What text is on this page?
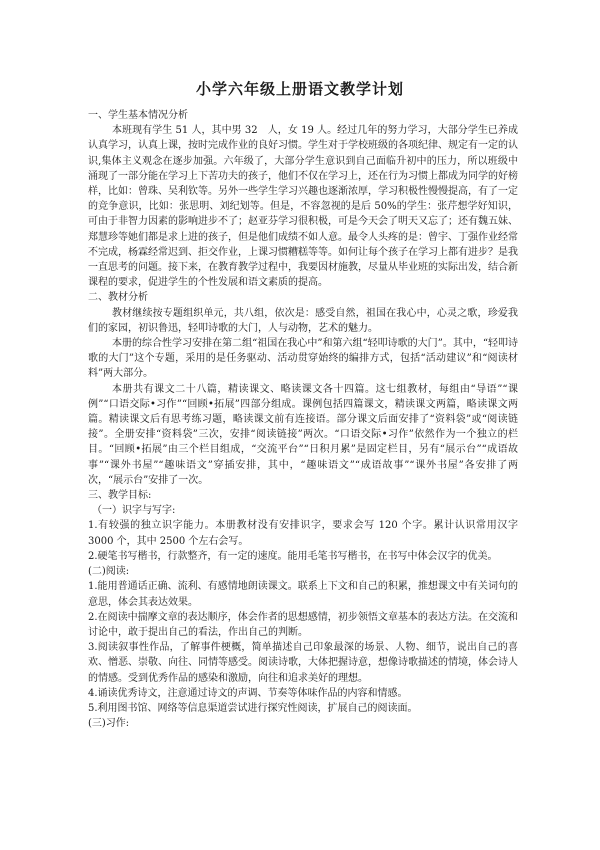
小学六年级上册语文教学计划

一、学生基本情况分析

本班现有学生 51 人，其中男 32　人，女 19 人。经过几年的努力学习，大部分学生已养成认真学习，认真上课，按时完成作业的良好习惯。学生对于学校班级的各项纪律、规定有一定的认识,集体主义观念在逐步加强。六年级了，大部分学生意识到自己面临升初中的压力，所以班级中涌现了一部分能在学习上下苦功夫的孩子，他们不仅在学习上，还在行为习惯上都成为同学的好榜样，比如：曾珠、吴利钦等。另外一些学生学习兴趣也逐渐浓厚，学习积极性慢慢提高，有了一定的竞争意识，比如：张思明、刘纪划等。但是，不容忽视的是后 50%的学生：张芹想学好知识，可由于非智力因素的影响进步不了；赵亚芬学习很积极，可是今天会了明天又忘了；还有魏五妹、郑慧珍等她们都是求上进的孩子，但是他们成绩不如人意。最令人头疼的是：曾宇、丁强作业经常不完成，杨霖经常迟到、拒交作业，上课习惯糟糕等等。如何让每个孩子在学习上都有进步？是我一直思考的问题。接下来，在教育教学过程中，我要因材施教，尽量从毕业班的实际出发，结合新课程的要求，促进学生的个性发展和语文素质的提高。

二、教材分析

教材继续按专题组织单元，共八组，依次是：感受自然，祖国在我心中，心灵之歌，珍爱我们的家园，初识鲁迅，轻叩诗歌的大门，人与动物，艺术的魅力。

本册的综合性学习安排在第二组“祖国在我心中”和第六组“轻叩诗歌的大门”。其中，“轻叩诗歌的大门”这个专题，采用的是任务驱动、活动贯穿始终的编排方式，包括“活动建议”和“阅读材料”两大部分。

本册共有课文二十八篇，精读课文、略读课文各十四篇。这七组教材，每组由“导语”“课例”“口语交际•习作”“回顾•拓展”四部分组成。课例包括四篇课文，精读课文两篇，略读课文两篇。精读课文后有思考练习题，略读课文前有连接语。部分课文后面安排了“资料袋”或“阅读链接”。全册安排“资料袋”三次，安排“阅读链接”两次。“口语交际•习作”依然作为一个独立的栏目。“回顾•拓展”由三个栏目组成，“交流平台”“日积月累”是固定栏目，另有“展示台”“成语故事”“课外书屋”“趣味语文”穿插安排，其中，“趣味语文”“成语故事”“课外书屋”各安排了两次，“展示台”安排了一次。

三、教学目标:

（一）识字与写字:

1.有较强的独立识字能力。本册教材没有安排识字，要求会写 120 个字。累计认识常用汉字 3000 个，其中 2500 个左右会写。

2.硬笔书写楷书，行款整齐，有一定的速度。能用毛笔书写楷书，在书写中体会汉字的优美。

(二)阅读:

1.能用普通话正确、流利、有感情地朗读课文。联系上下文和自己的积累，推想课文中有关词句的意思，体会其表达效果。

2.在阅读中揣摩文章的表达顺序，体会作者的思想感情，初步领悟文章基本的表达方法。在交流和讨论中，敢于提出自己的看法，作出自己的判断。

3.阅读叙事性作品，了解事件梗概，简单描述自己印象最深的场景、人物、细节，说出自己的喜欢、憎恶、崇敬、向往、同情等感受。阅读诗歌，大体把握诗意，想像诗歌描述的情境，体会诗人的情感。受到优秀作品的感染和激励，向往和追求美好的理想。

4.诵读优秀诗文，注意通过诗文的声调、节奏等体味作品的内容和情感。

5.利用图书馆、网络等信息渠道尝试进行探究性阅读，扩展自己的阅读面。

(三)习作:
